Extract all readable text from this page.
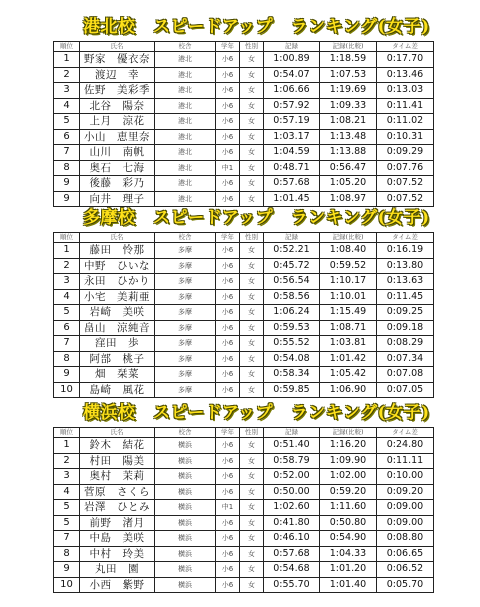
港北校　スピードアップ　ランキング(女子)
順位	氏名	校舎	学年	性別	記録	記録(比較)	タイム差
1	野家　優衣奈	港北	小6	女	1:00.89	1:18.59	0:17.70
2	渡辺　幸	港北	小6	女	0:54.07	1:07.53	0:13.46
3	佐野　美彩季	港北	小6	女	1:06.66	1:19.69	0:13.03
4	北谷　陽奈	港北	小6	女	0:57.92	1:09.33	0:11.41
5	上月　涼花	港北	小6	女	0:57.19	1:08.21	0:11.02
6	小山　恵里奈	港北	小6	女	1:03.17	1:13.48	0:10.31
7	山川　南帆	港北	小6	女	1:04.59	1:13.88	0:09.29
8	奥石　七海	港北	中1	女	0:48.71	0:56.47	0:07.76
9	後藤　彩乃	港北	小6	女	0:57.68	1:05.20	0:07.52
9	向井　理子	港北	小6	女	1:01.45	1:08.97	0:07.52
多摩校　スピードアップ　ランキング(女子)
順位	氏名	校舎	学年	性別	記録	記録(比較)	タイム差
1	藤田　怜那	多摩	小6	女	0:52.21	1:08.40	0:16.19
2	中野　ひいな	多摩	小6	女	0:45.72	0:59.52	0:13.80
3	永田　ひかり	多摩	小6	女	0:56.54	1:10.17	0:13.63
4	小宅　美莉亜	多摩	小6	女	0:58.56	1:10.01	0:11.45
5	岩崎　美咲	多摩	小6	女	1:06.24	1:15.49	0:09.25
6	畠山　涼純音	多摩	小6	女	0:59.53	1:08.71	0:09.18
7	窪田　歩	多摩	小6	女	0:55.52	1:03.81	0:08.29
8	阿部　桃子	多摩	小6	女	0:54.08	1:01.42	0:07.34
9	畑　栞菜	多摩	小6	女	0:58.34	1:05.42	0:07.08
10	島崎　風花	多摩	小6	女	0:59.85	1:06.90	0:07.05
横浜校　スピードアップ　ランキング(女子)
順位	氏名	校舎	学年	性別	記録	記録(比較)	タイム差
1	鈴木　結花	横浜	小6	女	0:51.40	1:16.20	0:24.80
2	村田　陽美	横浜	小6	女	0:58.79	1:09.90	0:11.11
3	奥村　茉莉	横浜	小6	女	0:52.00	1:02.00	0:10.00
4	菅原　さくら	横浜	小6	女	0:50.00	0:59.20	0:09.20
5	岩澤　ひとみ	横浜	中1	女	1:02.60	1:11.60	0:09.00
5	前野　渚月	横浜	小6	女	0:41.80	0:50.80	0:09.00
7	中島　美咲	横浜	小6	女	0:46.10	0:54.90	0:08.80
8	中村　玲美	横浜	小6	女	0:57.68	1:04.33	0:06.65
9	丸田　園	横浜	小6	女	0:54.68	1:01.20	0:06.52
10	小西　紫野	横浜	小6	女	0:55.70	1:01.40	0:05.70
